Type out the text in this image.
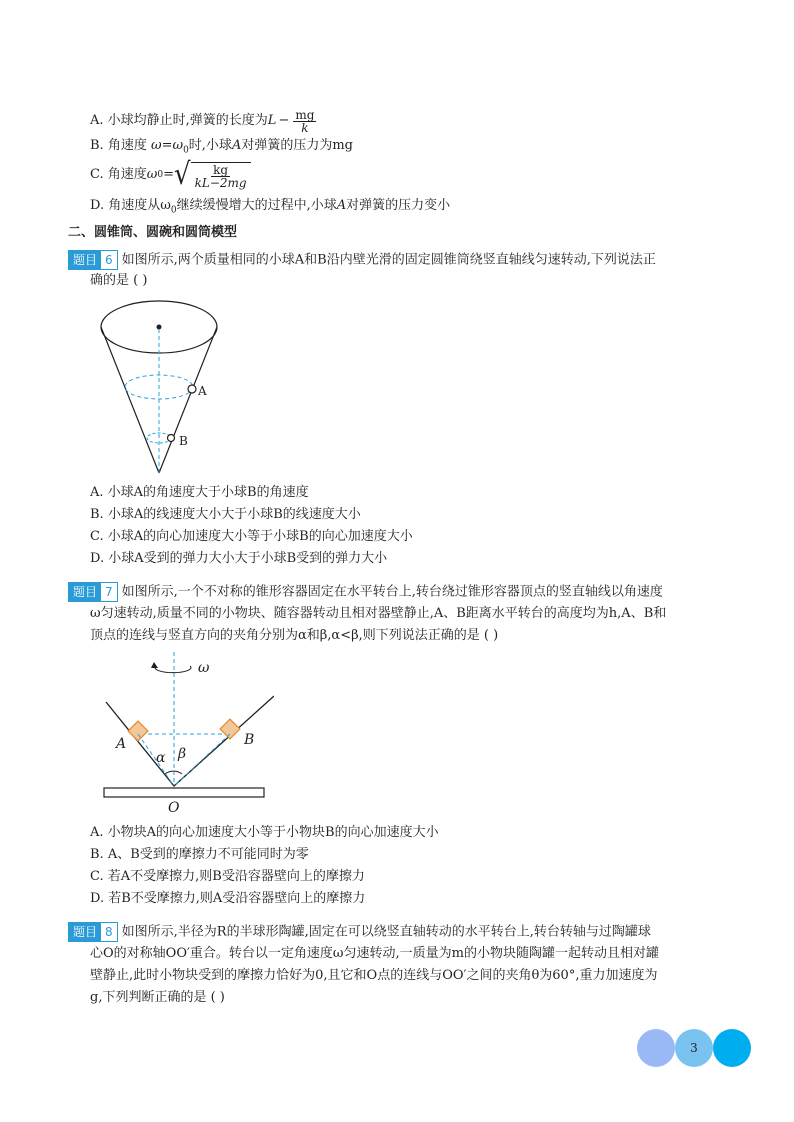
A. 小球均静止时,弹簧的长度为 $L - \frac{mg}{k}$
B. 角速度 $\omega=\omega_0$时,小球A对弹簧的压力为mg
C. 角速度 ω 0 = √ $\frac{kg}{kL-2mg}$
D. 角速度从$\omega_0$继续缓慢增大的过程中,小球A对弹簧的压力变小
二、圆锥筒、圆碗和圆筒模型
题目 6 如图所示,两个质量相同的小球A和B沿内壁光滑的固定圆锥筒绕竖直轴线匀速转动,下列说法正
确的是 ( )
A
B
A. 小球A的角速度大于小球B的角速度
B. 小球A的线速度大小大于小球B的线速度大小
C. 小球A的向心加速度大小等于小球B的向心加速度大小
D. 小球A受到的弹力大小大于小球B受到的弹力大小
题目 7 如图所示,一个不对称的锥形容器固定在水平转台上,转台绕过锥形容器顶点的竖直轴线以角速度
ω匀速转动,质量不同的小物块、随容器转动且相对器壁静止,A、B距离水平转台的高度均为h,A、B和
顶点的连线与竖直方向的夹角分别为α和β,α<β,则下列说法正确的是 ( )
ω
A	B
α β
O
A. 小物块A的向心加速度大小等于小物块B的向心加速度大小
B. A、B受到的摩擦力不可能同时为零
C. 若A不受摩擦力,则B受沿容器壁向上的摩擦力
D. 若B不受摩擦力,则A受沿容器壁向上的摩擦力
题目 8 如图所示,半径为R的半球形陶罐,固定在可以绕竖直轴转动的水平转台上,转台转轴与过陶罐球
心O的对称轴OO′重合。转台以一定角速度ω匀速转动,一质量为m的小物块随陶罐一起转动且相对罐
壁静止,此时小物块受到的摩擦力恰好为0,且它和O点的连线与OO′之间的夹角θ为60°,重力加速度为
g,下列判断正确的是 ( )
3
